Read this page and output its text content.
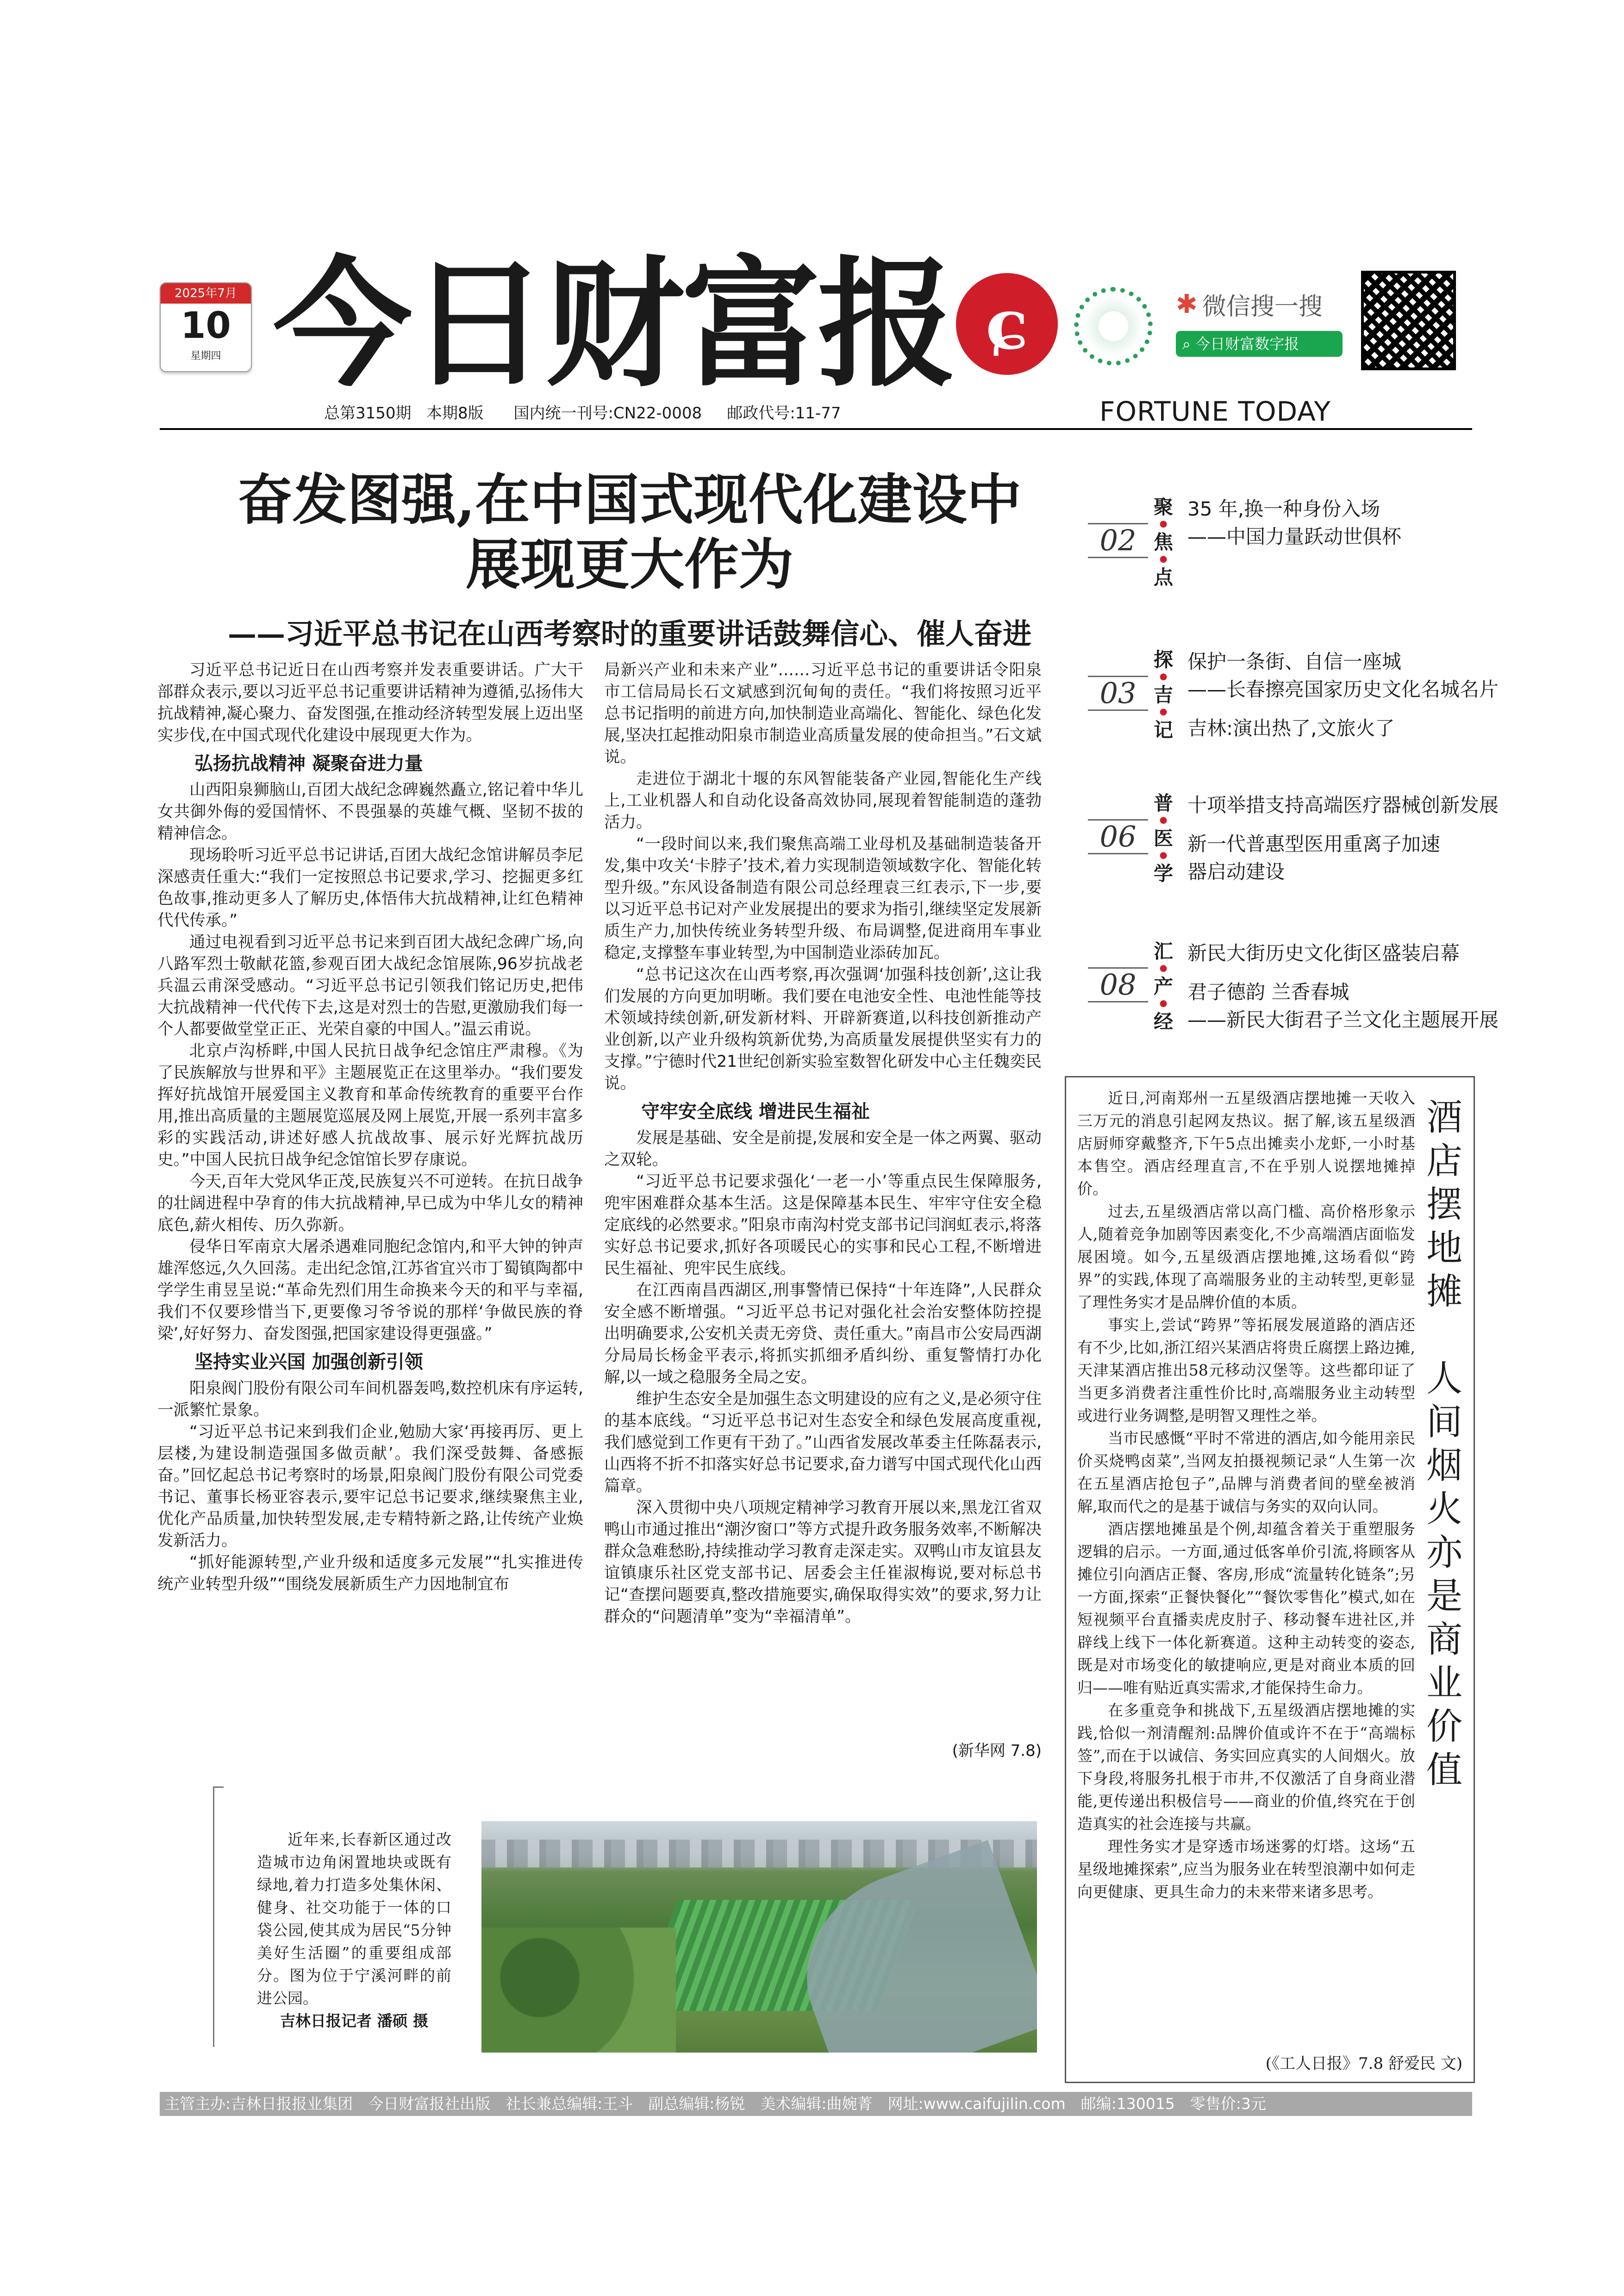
2025年7月
10
星期四 今日财富报 ɕ	✱ 微信搜一搜
⌕ 今日财富数字报
总第3150期 本期8版 国内统一刊号:CN22-0008 邮政代号:11-77	FORTUNE TODAY
奋发图强,在中国式现代化建设中
展现更大作为
——习近平总书记在山西考察时的重要讲话鼓舞信心、催人奋进

习近平总书记近日在山西考察并发表重要讲话。广大干部群众表示,要以习近平总书记重要讲话精神为遵循,弘扬伟大抗战精神,凝心聚力、奋发图强,在推动经济转型发展上迈出坚实步伐,在中国式现代化建设中展现更大作为。

弘扬抗战精神 凝聚奋进力量

山西阳泉狮脑山,百团大战纪念碑巍然矗立,铭记着中华儿女共御外侮的爱国情怀、不畏强暴的英雄气概、坚韧不拔的精神信念。

现场聆听习近平总书记讲话,百团大战纪念馆讲解员李尼深感责任重大:“我们一定按照总书记要求,学习、挖掘更多红色故事,推动更多人了解历史,体悟伟大抗战精神,让红色精神代代传承。”

通过电视看到习近平总书记来到百团大战纪念碑广场,向八路军烈士敬献花篮,参观百团大战纪念馆展陈,96岁抗战老兵温云甫深受感动。“习近平总书记引领我们铭记历史,把伟大抗战精神一代代传下去,这是对烈士的告慰,更激励我们每一个人都要做堂堂正正、光荣自豪的中国人。”温云甫说。

北京卢沟桥畔,中国人民抗日战争纪念馆庄严肃穆。《为了民族解放与世界和平》主题展览正在这里举办。“我们要发挥好抗战馆开展爱国主义教育和革命传统教育的重要平台作用,推出高质量的主题展览巡展及网上展览,开展一系列丰富多彩的实践活动,讲述好感人抗战故事、展示好光辉抗战历史。”中国人民抗日战争纪念馆馆长罗存康说。

今天,百年大党风华正茂,民族复兴不可逆转。在抗日战争的壮阔进程中孕育的伟大抗战精神,早已成为中华儿女的精神底色,薪火相传、历久弥新。

侵华日军南京大屠杀遇难同胞纪念馆内,和平大钟的钟声雄浑悠远,久久回荡。走出纪念馆,江苏省宜兴市丁蜀镇陶都中学学生甫昱呈说:“革命先烈们用生命换来今天的和平与幸福,我们不仅要珍惜当下,更要像习爷爷说的那样‘争做民族的脊梁’,好好努力、奋发图强,把国家建设得更强盛。”

坚持实业兴国 加强创新引领

阳泉阀门股份有限公司车间机器轰鸣,数控机床有序运转,一派繁忙景象。

“习近平总书记来到我们企业,勉励大家‘再接再厉、更上层楼,为建设制造强国多做贡献’。我们深受鼓舞、备感振奋。”回忆起总书记考察时的场景,阳泉阀门股份有限公司党委书记、董事长杨亚容表示,要牢记总书记要求,继续聚焦主业,优化产品质量,加快转型发展,走专精特新之路,让传统产业焕发新活力。

“抓好能源转型,产业升级和适度多元发展”“扎实推进传统产业转型升级”“围绕发展新质生产力因地制宜布

局新兴产业和未来产业”……习近平总书记的重要讲话令阳泉市工信局局长石文斌感到沉甸甸的责任。“我们将按照习近平总书记指明的前进方向,加快制造业高端化、智能化、绿色化发展,坚决扛起推动阳泉市制造业高质量发展的使命担当。”石文斌说。

走进位于湖北十堰的东风智能装备产业园,智能化生产线上,工业机器人和自动化设备高效协同,展现着智能制造的蓬勃活力。

“一段时间以来,我们聚焦高端工业母机及基础制造装备开发,集中攻关‘卡脖子’技术,着力实现制造领域数字化、智能化转型升级。”东风设备制造有限公司总经理袁三红表示,下一步,要以习近平总书记对产业发展提出的要求为指引,继续坚定发展新质生产力,加快传统业务转型升级、布局调整,促进商用车事业稳定,支撑整车事业转型,为中国制造业添砖加瓦。

“总书记这次在山西考察,再次强调‘加强科技创新’,这让我们发展的方向更加明晰。我们要在电池安全性、电池性能等技术领域持续创新,研发新材料、开辟新赛道,以科技创新推动产业创新,以产业升级构筑新优势,为高质量发展提供坚实有力的支撑。”宁德时代21世纪创新实验室数智化研发中心主任魏奕民说。

守牢安全底线 增进民生福祉

发展是基础、安全是前提,发展和安全是一体之两翼、驱动之双轮。

“习近平总书记要求强化‘一老一小’等重点民生保障服务,兜牢困难群众基本生活。这是保障基本民生、牢牢守住安全稳定底线的必然要求。”阳泉市南沟村党支部书记闫润虹表示,将落实好总书记要求,抓好各项暖民心的实事和民心工程,不断增进民生福祉、兜牢民生底线。

在江西南昌西湖区,刑事警情已保持“十年连降”,人民群众安全感不断增强。“习近平总书记对强化社会治安整体防控提出明确要求,公安机关责无旁贷、责任重大。”南昌市公安局西湖分局局长杨金平表示,将抓实抓细矛盾纠纷、重复警情打办化解,以一域之稳服务全局之安。

维护生态安全是加强生态文明建设的应有之义,是必须守住的基本底线。“习近平总书记对生态安全和绿色发展高度重视,我们感觉到工作更有干劲了。”山西省发展改革委主任陈磊表示,山西将不折不扣落实好总书记要求,奋力谱写中国式现代化山西篇章。

深入贯彻中央八项规定精神学习教育开展以来,黑龙江省双鸭山市通过推出“潮汐窗口”等方式提升政务服务效率,不断解决群众急难愁盼,持续推动学习教育走深走实。双鸭山市友谊县友谊镇康乐社区党支部书记、居委会主任崔淑梅说,要对标总书记“查摆问题要真,整改措施要实,确保取得实效”的要求,努力让群众的“问题清单”变为“幸福清单”。

(新华网 7.8)
02
聚
•
焦
•
点
35 年,换一种身份入场
——中国力量跃动世俱杯
03
探
•
吉
•
记
保护一条街、自信一座城
——长春擦亮国家历史文化名城名片
吉林:演出热了,文旅火了
06
普
•
医
•
学
十项举措支持高端医疗器械创新发展
新一代普惠型医用重离子加速
器启动建设
08
汇
•
产
•
经
新民大街历史文化街区盛装启幕
君子德韵 兰香春城
——新民大街君子兰文化主题展开展
酒
店
摆
地
摊

人
间
烟
火
亦
是
商
业
价
值

近日,河南郑州一五星级酒店摆地摊一天收入三万元的消息引起网友热议。据了解,该五星级酒店厨师穿戴整齐,下午5点出摊卖小龙虾,一小时基本售空。酒店经理直言,不在乎别人说摆地摊掉价。

过去,五星级酒店常以高门槛、高价格形象示人,随着竞争加剧等因素变化,不少高端酒店面临发展困境。如今,五星级酒店摆地摊,这场看似“跨界”的实践,体现了高端服务业的主动转型,更彰显了理性务实才是品牌价值的本质。

事实上,尝试“跨界”等拓展发展道路的酒店还有不少,比如,浙江绍兴某酒店将贵丘腐摆上路边摊,天津某酒店推出58元移动汉堡等。这些都印证了当更多消费者注重性价比时,高端服务业主动转型或进行业务调整,是明智又理性之举。

当市民感慨“平时不常进的酒店,如今能用亲民价买烧鸭卤菜”,当网友拍摄视频记录“人生第一次在五星酒店抢包子”,品牌与消费者间的壁垒被消解,取而代之的是基于诚信与务实的双向认同。

酒店摆地摊虽是个例,却蕴含着关于重塑服务逻辑的启示。一方面,通过低客单价引流,将顾客从摊位引向酒店正餐、客房,形成“流量转化链条”;另一方面,探索“正餐快餐化”“餐饮零售化”模式,如在短视频平台直播卖虎皮肘子、移动餐车进社区,并辟线上线下一体化新赛道。这种主动转变的姿态,既是对市场变化的敏捷响应,更是对商业本质的回归——唯有贴近真实需求,才能保持生命力。

在多重竞争和挑战下,五星级酒店摆地摊的实践,恰似一剂清醒剂:品牌价值或许不在于“高端标签”,而在于以诚信、务实回应真实的人间烟火。放下身段,将服务扎根于市井,不仅激活了自身商业潜能,更传递出积极信号——商业的价值,终究在于创造真实的社会连接与共赢。

理性务实才是穿透市场迷雾的灯塔。这场“五星级地摊探索”,应当为服务业在转型浪潮中如何走向更健康、更具生命力的未来带来诸多思考。

(《工人日报》7.8 舒爱民 文)

近年来,长春新区通过改造城市边角闲置地块或既有绿地,着力打造多处集休闲、健身、社交功能于一体的口袋公园,使其成为居民“5分钟美好生活圈”的重要组成部分。图为位于宁溪河畔的前进公园。

吉林日报记者 潘硕 摄
主管主办:吉林日报报业集团　今日财富报社出版　社长兼总编辑:王斗　副总编辑:杨锐　美术编辑:曲婉菁　网址:www.caifujilin.com　邮编:130015　零售价:3元
